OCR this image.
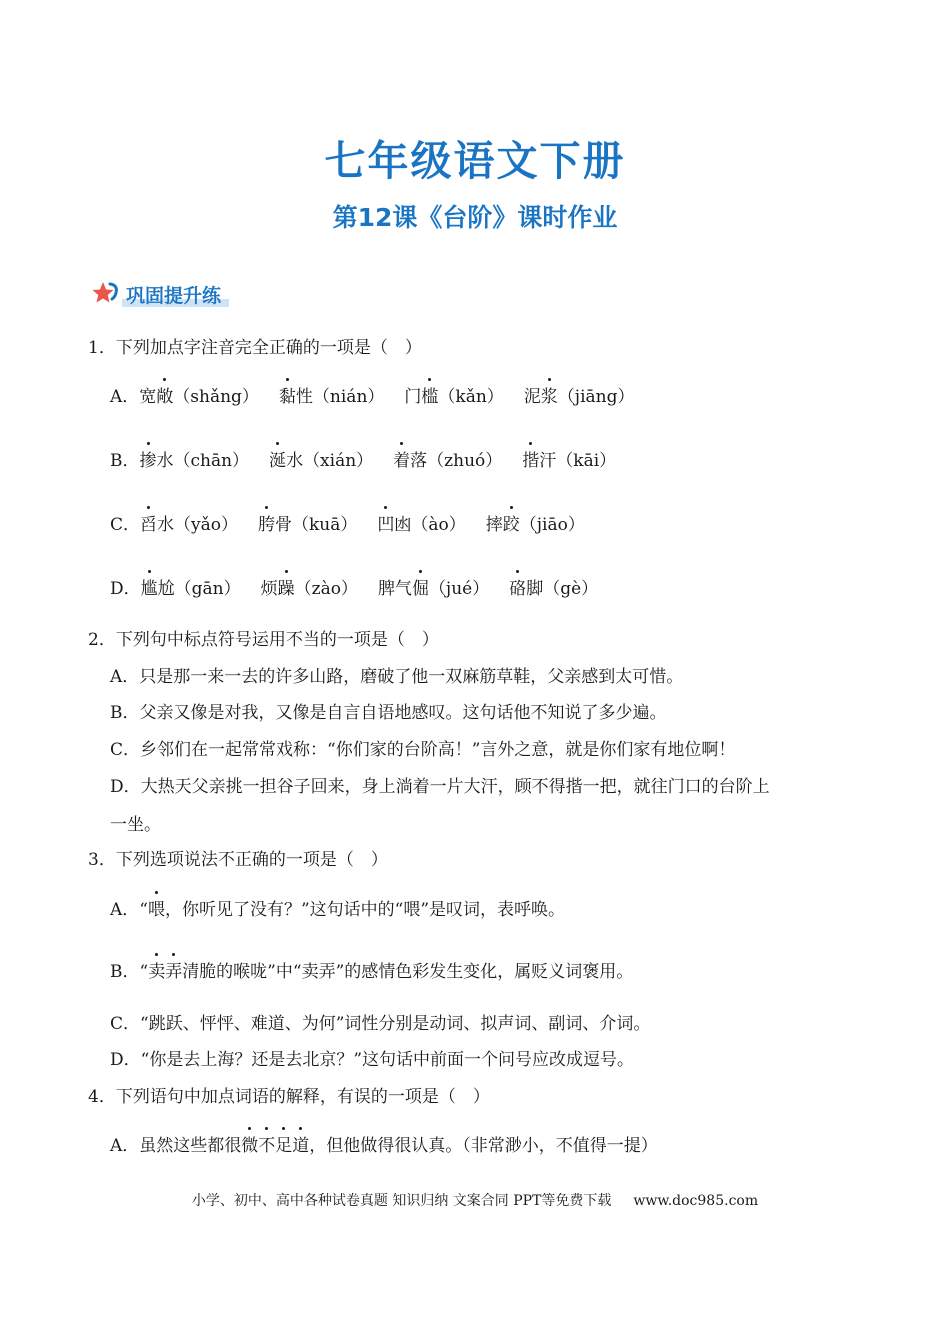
七年级语文下册
第12课《台阶》课时作业
巩固提升练
1．下列加点字注音完全正确的一项是（　）
A．宽敞（shǎng） 黏性（nián） 门槛（kǎn） 泥浆（jiāng）
B．掺水（chān） 涎水（xián） 着落（zhuó） 揩汗（kāi）
C．舀水（yǎo） 胯骨（kuā） 凹凼（ào） 摔跤（jiāo）
D．尴尬（gān） 烦躁（zào） 脾气倔（jué） 硌脚（gè）
2．下列句中标点符号运用不当的一项是（　）
A．只是那一来一去的许多山路，磨破了他一双麻筋草鞋，父亲感到太可惜。
B．父亲又像是对我，又像是自言自语地感叹。这句话他不知说了多少遍。
C．乡邻们在一起常常戏称：“你们家的台阶高！”言外之意，就是你们家有地位啊！
D．大热天父亲挑一担谷子回来，身上淌着一片大汗，顾不得揩一把，就往门口的台阶上
一坐。
3．下列选项说法不正确的一项是（　）
A．“喂，你听见了没有？”这句话中的“喂”是叹词，表呼唤。
B．“卖弄清脆的喉咙”中“卖弄”的感情色彩发生变化，属贬义词褒用。
C．“跳跃、怦怦、难道、为何”词性分别是动词、拟声词、副词、介词。
D．“你是去上海？还是去北京？”这句话中前面一个问号应改成逗号。
4．下列语句中加点词语的解释，有误的一项是（　）
A．虽然这些都很微不足道，但他做得很认真。（非常渺小，不值得一提）
小学、初中、高中各种试卷真题 知识归纳 文案合同 PPT等免费下载 www.doc985.com
